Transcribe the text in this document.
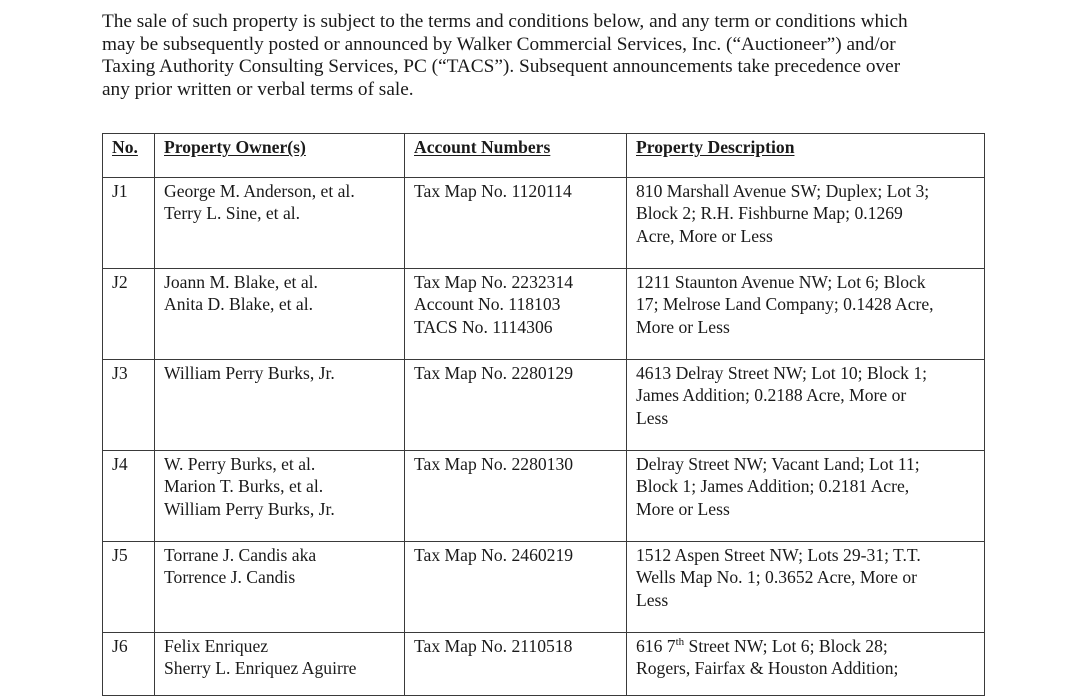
The sale of such property is subject to the terms and conditions below, and any term or conditions which
may be subsequently posted or announced by Walker Commercial Services, Inc. (“Auctioneer”) and/or
Taxing Authority Consulting Services, PC (“TACS”). Subsequent announcements take precedence over
any prior written or verbal terms of sale.
No.	Property Owner(s)	Account Numbers	Property Description
J1	George M. Anderson, et al.
Terry L. Sine, et al.	Tax Map No. 1120114	810 Marshall Avenue SW; Duplex; Lot 3;
Block 2; R.H. Fishburne Map; 0.1269
Acre, More or Less

J2	Joann M. Blake, et al.
Anita D. Blake, et al.	Tax Map No. 2232314
Account No. 118103
TACS No. 1114306	1211 Staunton Avenue NW; Lot 6; Block
17; Melrose Land Company; 0.1428 Acre,
More or Less

J3	William Perry Burks, Jr.	Tax Map No. 2280129	4613 Delray Street NW; Lot 10; Block 1;
James Addition; 0.2188 Acre, More or
Less

J4	W. Perry Burks, et al.
Marion T. Burks, et al.
William Perry Burks, Jr.	Tax Map No. 2280130	Delray Street NW; Vacant Land; Lot 11;
Block 1; James Addition; 0.2181 Acre,
More or Less

J5	Torrane J. Candis aka
Torrence J. Candis	Tax Map No. 2460219	1512 Aspen Street NW; Lots 29-31; T.T.
Wells Map No. 1; 0.3652 Acre, More or
Less

J6	Felix Enriquez
Sherry L. Enriquez Aguirre	Tax Map No. 2110518	616 7th Street NW; Lot 6; Block 28;
Rogers, Fairfax & Houston Addition;
